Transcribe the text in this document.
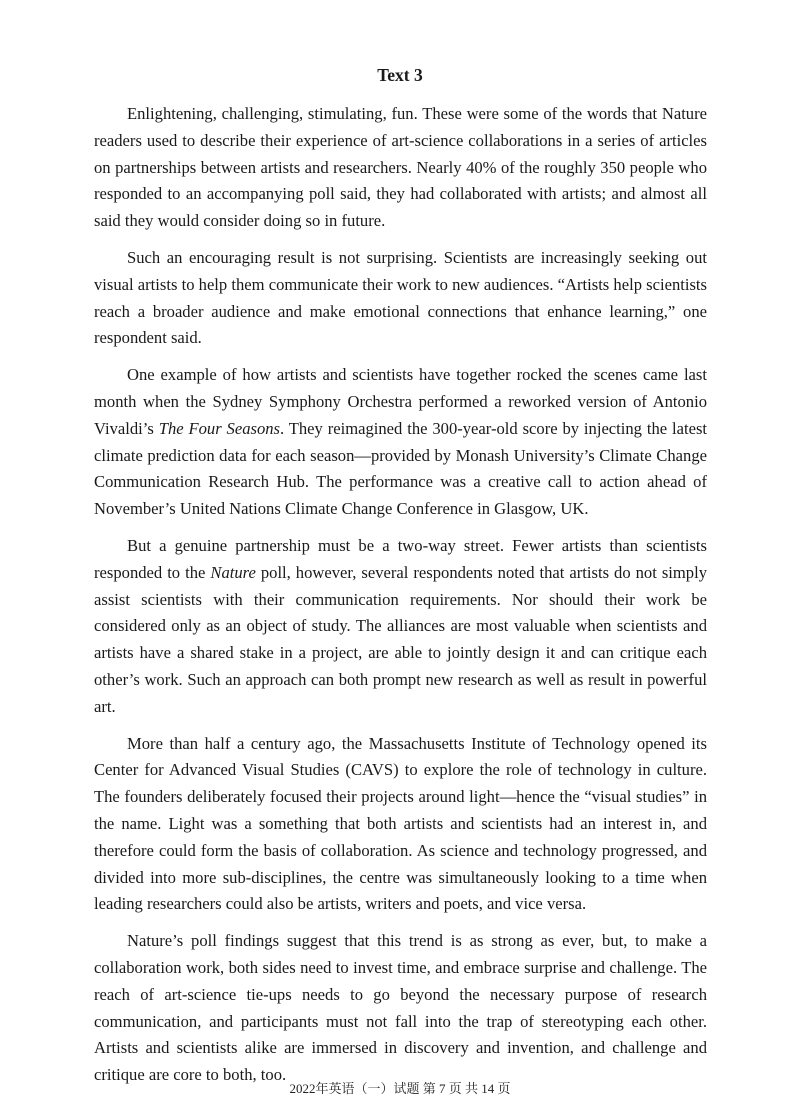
Text 3

Enlightening, challenging, stimulating, fun. These were some of the words that Nature readers used to describe their experience of art-science collaborations in a series of articles on partnerships between artists and researchers. Nearly 40% of the roughly 350 people who responded to an accompanying poll said, they had collaborated with artists; and almost all said they would consider doing so in future.

Such an encouraging result is not surprising. Scientists are increasingly seeking out visual artists to help them communicate their work to new audiences. “Artists help scientists reach a broader audience and make emotional connections that enhance learning,” one respondent said.

One example of how artists and scientists have together rocked the scenes came last month when the Sydney Symphony Orchestra performed a reworked version of Antonio Vivaldi’s The Four Seasons. They reimagined the 300-year-old score by injecting the latest climate prediction data for each season—provided by Monash University’s Climate Change Communication Research Hub. The performance was a creative call to action ahead of November’s United Nations Climate Change Conference in Glasgow, UK.

But a genuine partnership must be a two-way street. Fewer artists than scientists responded to the Nature poll, however, several respondents noted that artists do not simply assist scientists with their communication requirements. Nor should their work be considered only as an object of study. The alliances are most valuable when scientists and artists have a shared stake in a project, are able to jointly design it and can critique each other’s work. Such an approach can both prompt new research as well as result in powerful art.

More than half a century ago, the Massachusetts Institute of Technology opened its Center for Advanced Visual Studies (CAVS) to explore the role of technology in culture. The founders deliberately focused their projects around light—hence the “visual studies” in the name. Light was a something that both artists and scientists had an interest in, and therefore could form the basis of collaboration. As science and technology progressed, and divided into more sub-disciplines, the centre was simultaneously looking to a time when leading researchers could also be artists, writers and poets, and vice versa.

Nature’s poll findings suggest that this trend is as strong as ever, but, to make a collaboration work, both sides need to invest time, and embrace surprise and challenge. The reach of art-science tie-ups needs to go beyond the necessary purpose of research communication, and participants must not fall into the trap of stereotyping each other. Artists and scientists alike are immersed in discovery and invention, and challenge and critique are core to both, too.

2022年英语（一）试题 第 7 页 共 14 页
